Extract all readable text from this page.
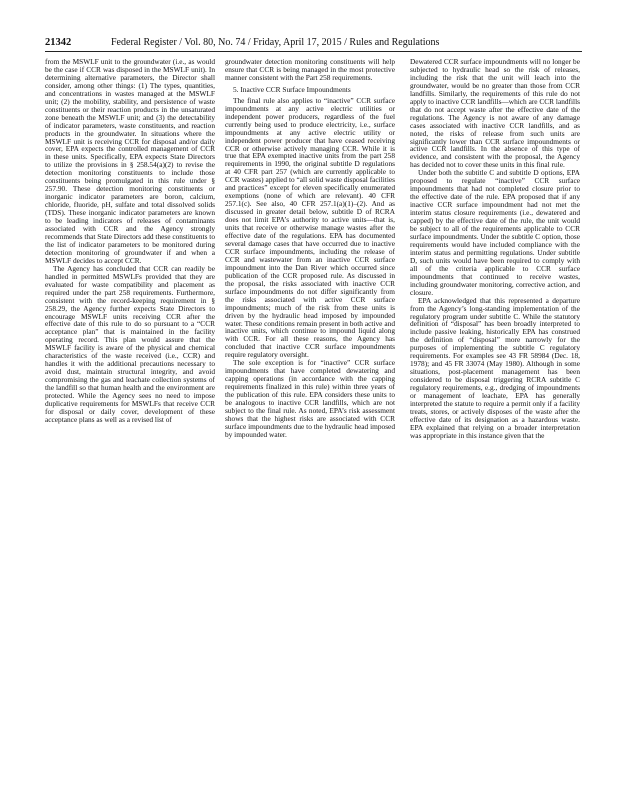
21342	Federal Register / Vol. 80, No. 74 / Friday, April 17, 2015 / Rules and Regulations

from the MSWLF unit to the groundwater (i.e., as would be the case if CCR was disposed in the MSWLF unit). In determining alternative parameters, the Director shall consider, among other things: (1) The types, quantities, and concentrations in wastes managed at the MSWLF unit; (2) the mobility, stability, and persistence of waste constituents or their reaction products in the unsaturated zone beneath the MSWLF unit; and (3) the detectability of indicator parameters, waste constituents, and reaction products in the groundwater. In situations where the MSWLF unit is receiving CCR for disposal and/or daily cover, EPA expects the controlled management of CCR in these units. Specifically, EPA expects State Directors to utilize the provisions in § 258.54(a)(2) to revise the detection monitoring constituents to include those constituents being promulgated in this rule under § 257.90. These detection monitoring constituents or inorganic indicator parameters are boron, calcium, chloride, fluoride, pH, sulfate and total dissolved solids (TDS). These inorganic indicator parameters are known to be leading indicators of releases of contaminants associated with CCR and the Agency strongly recommends that State Directors add these constituents to the list of indicator parameters to be monitored during detection monitoring of groundwater if and when a MSWLF decides to accept CCR.

The Agency has concluded that CCR can readily be handled in permitted MSWLFs provided that they are evaluated for waste compatibility and placement as required under the part 258 requirements. Furthermore, consistent with the record-keeping requirement in § 258.29, the Agency further expects State Directors to encourage MSWLF units receiving CCR after the effective date of this rule to do so pursuant to a “CCR acceptance plan” that is maintained in the facility operating record. This plan would assure that the MSWLF facility is aware of the physical and chemical characteristics of the waste received (i.e., CCR) and handles it with the additional precautions necessary to avoid dust, maintain structural integrity, and avoid compromising the gas and leachate collection systems of the landfill so that human health and the environment are protected. While the Agency sees no need to impose duplicative requirements for MSWLFs that receive CCR for disposal or daily cover, development of these acceptance plans as well as a revised list of

groundwater detection monitoring constituents will help ensure that CCR is being managed in the most protective manner consistent with the Part 258 requirements.

5. Inactive CCR Surface Impoundments

The final rule also applies to “inactive” CCR surface impoundments at any active electric utilities or independent power producers, regardless of the fuel currently being used to produce electricity, i.e., surface impoundments at any active electric utility or independent power producer that have ceased receiving CCR or otherwise actively managing CCR. While it is true that EPA exempted inactive units from the part 258 requirements in 1990, the original subtitle D regulations at 40 CFR part 257 (which are currently applicable to CCR wastes) applied to “all solid waste disposal facilities and practices” except for eleven specifically enumerated exemptions (none of which are relevant). 40 CFR 257.1(c). See also, 40 CFR 257.1(a)(1)–(2). And as discussed in greater detail below, subtitle D of RCRA does not limit EPA’s authority to active units—that is, units that receive or otherwise manage wastes after the effective date of the regulations. EPA has documented several damage cases that have occurred due to inactive CCR surface impoundments, including the release of CCR and wastewater from an inactive CCR surface impoundment into the Dan River which occurred since publication of the CCR proposed rule. As discussed in the proposal, the risks associated with inactive CCR surface impoundments do not differ significantly from the risks associated with active CCR surface impoundments; much of the risk from these units is driven by the hydraulic head imposed by impounded water. These conditions remain present in both active and inactive units, which continue to impound liquid along with CCR. For all these reasons, the Agency has concluded that inactive CCR surface impoundments require regulatory oversight.

The sole exception is for “inactive” CCR surface impoundments that have completed dewatering and capping operations (in accordance with the capping requirements finalized in this rule) within three years of the publication of this rule. EPA considers these units to be analogous to inactive CCR landfills, which are not subject to the final rule. As noted, EPA’s risk assessment shows that the highest risks are associated with CCR surface impoundments due to the hydraulic head imposed by impounded water.

Dewatered CCR surface impoundments will no longer be subjected to hydraulic head so the risk of releases, including the risk that the unit will leach into the groundwater, would be no greater than those from CCR landfills. Similarly, the requirements of this rule do not apply to inactive CCR landfills—which are CCR landfills that do not accept waste after the effective date of the regulations. The Agency is not aware of any damage cases associated with inactive CCR landfills, and as noted, the risks of release from such units are significantly lower than CCR surface impoundments or active CCR landfills. In the absence of this type of evidence, and consistent with the proposal, the Agency has decided not to cover these units in this final rule.

Under both the subtitle C and subtitle D options, EPA proposed to regulate “inactive” CCR surface impoundments that had not completed closure prior to the effective date of the rule. EPA proposed that if any inactive CCR surface impoundment had not met the interim status closure requirements (i.e., dewatered and capped) by the effective date of the rule, the unit would be subject to all of the requirements applicable to CCR surface impoundments. Under the subtitle C option, those requirements would have included compliance with the interim status and permitting regulations. Under subtitle D, such units would have been required to comply with all of the criteria applicable to CCR surface impoundments that continued to receive wastes, including groundwater monitoring, corrective action, and closure.

EPA acknowledged that this represented a departure from the Agency’s long-standing implementation of the regulatory program under subtitle C. While the statutory definition of “disposal” has been broadly interpreted to include passive leaking, historically EPA has construed the definition of “disposal” more narrowly for the purposes of implementing the subtitle C regulatory requirements. For examples see 43 FR 58984 (Dec. 18, 1978); and 45 FR 33074 (May 1980). Although in some situations, post-placement management has been considered to be disposal triggering RCRA subtitle C regulatory requirements, e.g., dredging of impoundments or management of leachate, EPA has generally interpreted the statute to require a permit only if a facility treats, stores, or actively disposes of the waste after the effective date of its designation as a hazardous waste. EPA explained that relying on a broader interpretation was appropriate in this instance given that the
